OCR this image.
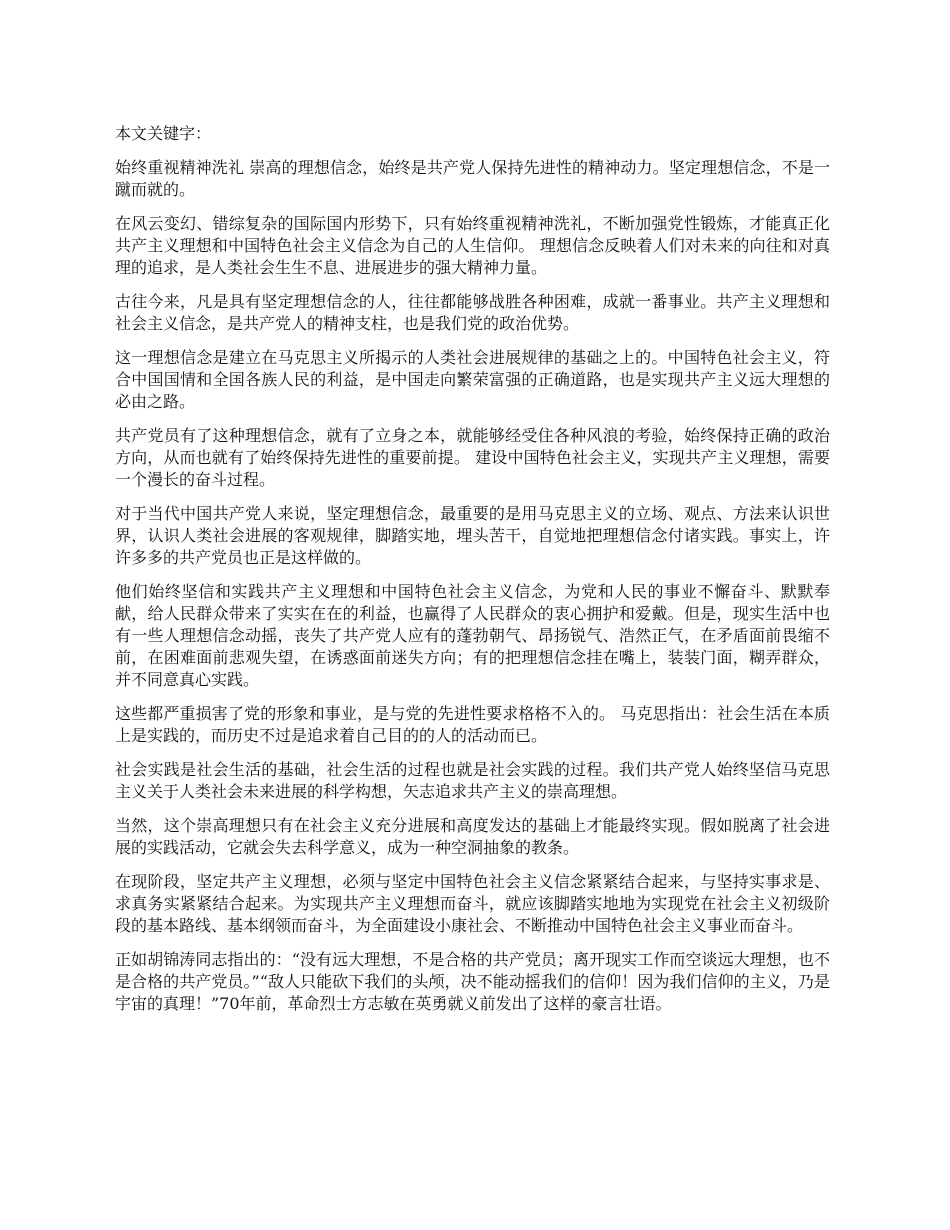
本文关键字：

始终重视精神洗礼 崇高的理想信念，始终是共产党人保持先进性的精神动力。坚定理想信念，不是一蹴而就的。

在风云变幻、错综复杂的国际国内形势下，只有始终重视精神洗礼，不断加强党性锻炼，才能真正化共产主义理想和中国特色社会主义信念为自己的人生信仰。 理想信念反映着人们对未来的向往和对真理的追求，是人类社会生生不息、进展进步的强大精神力量。

古往今来，凡是具有坚定理想信念的人，往往都能够战胜各种困难，成就一番事业。共产主义理想和社会主义信念，是共产党人的精神支柱，也是我们党的政治优势。

这一理想信念是建立在马克思主义所揭示的人类社会进展规律的基础之上的。中国特色社会主义，符合中国国情和全国各族人民的利益，是中国走向繁荣富强的正确道路，也是实现共产主义远大理想的必由之路。

共产党员有了这种理想信念，就有了立身之本，就能够经受住各种风浪的考验，始终保持正确的政治方向，从而也就有了始终保持先进性的重要前提。 建设中国特色社会主义，实现共产主义理想，需要一个漫长的奋斗过程。

对于当代中国共产党人来说，坚定理想信念，最重要的是用马克思主义的立场、观点、方法来认识世界，认识人类社会进展的客观规律，脚踏实地，埋头苦干，自觉地把理想信念付诸实践。事实上，许许多多的共产党员也正是这样做的。

他们始终坚信和实践共产主义理想和中国特色社会主义信念，为党和人民的事业不懈奋斗、默默奉献，给人民群众带来了实实在在的利益，也赢得了人民群众的衷心拥护和爱戴。但是，现实生活中也有一些人理想信念动摇，丧失了共产党人应有的蓬勃朝气、昂扬锐气、浩然正气，在矛盾面前畏缩不前，在困难面前悲观失望，在诱惑面前迷失方向；有的把理想信念挂在嘴上，装装门面，糊弄群众，并不同意真心实践。

这些都严重损害了党的形象和事业，是与党的先进性要求格格不入的。 马克思指出：社会生活在本质上是实践的，而历史不过是追求着自己目的的人的活动而已。

社会实践是社会生活的基础，社会生活的过程也就是社会实践的过程。我们共产党人始终坚信马克思主义关于人类社会未来进展的科学构想，矢志追求共产主义的崇高理想。

当然，这个崇高理想只有在社会主义充分进展和高度发达的基础上才能最终实现。假如脱离了社会进展的实践活动，它就会失去科学意义，成为一种空洞抽象的教条。

在现阶段，坚定共产主义理想，必须与坚定中国特色社会主义信念紧紧结合起来，与坚持实事求是、求真务实紧紧结合起来。为实现共产主义理想而奋斗，就应该脚踏实地地为实现党在社会主义初级阶段的基本路线、基本纲领而奋斗，为全面建设小康社会、不断推动中国特色社会主义事业而奋斗。

正如胡锦涛同志指出的：“没有远大理想，不是合格的共产党员；离开现实工作而空谈远大理想，也不是合格的共产党员。”“敌人只能砍下我们的头颅，决不能动摇我们的信仰！因为我们信仰的主义，乃是宇宙的真理！”70年前，革命烈士方志敏在英勇就义前发出了这样的豪言壮语。
